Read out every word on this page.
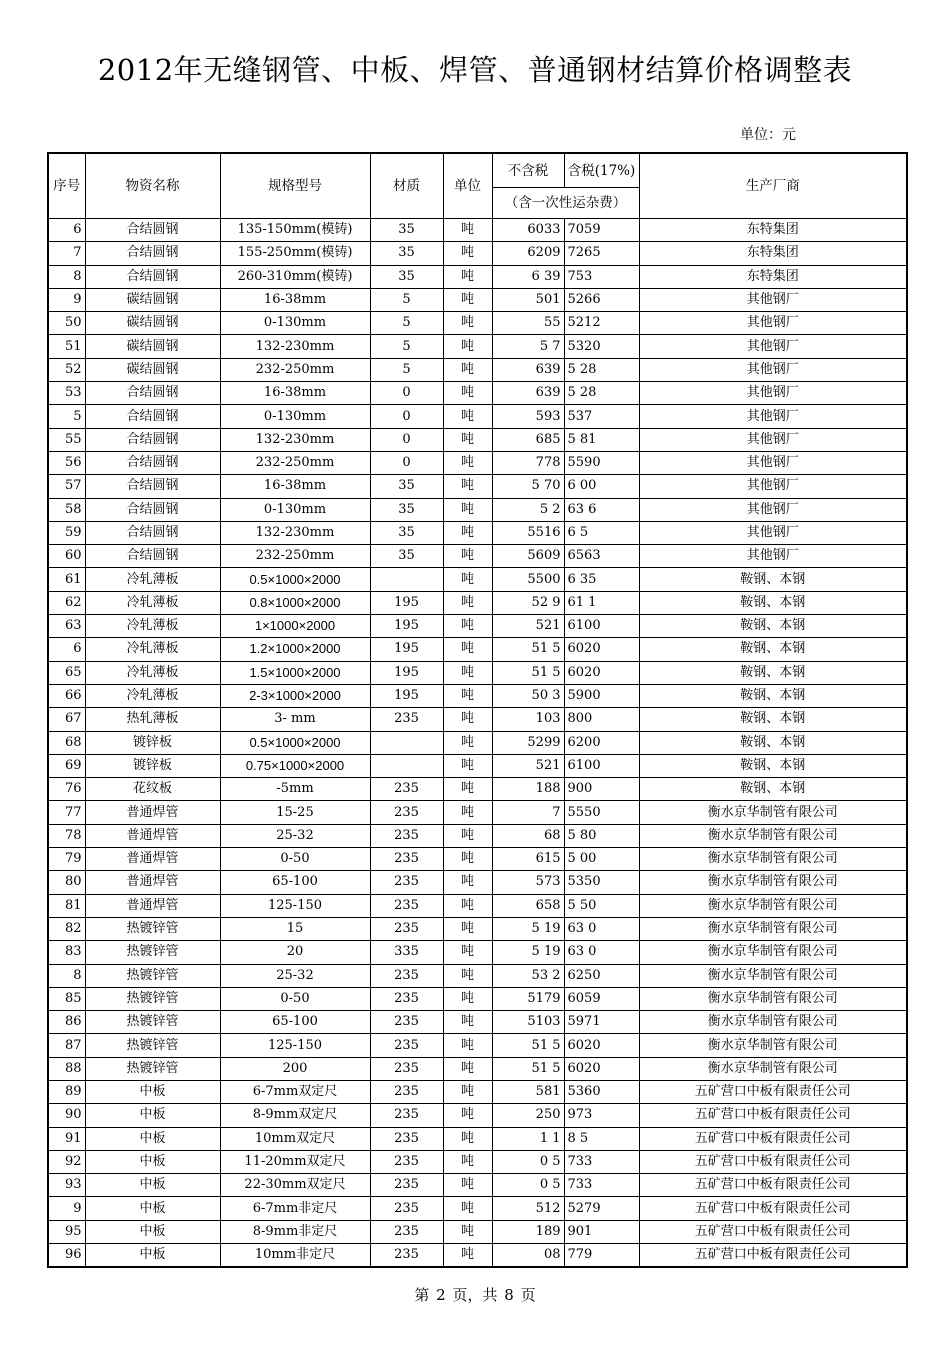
2012年无缝钢管、中板、焊管、普通钢材结算价格调整表
单位：元
序号	物资名称	规格型号	材质	单位	不含税	含税(17%)	生产厂商
					（含一次性运杂费）		
6	合结圆钢	135-150mm(模铸)	35	吨	6033	7059	东特集团
7	合结圆钢	155-250mm(模铸)	35	吨	6209	7265	东特集团
8	合结圆钢	260-310mm(模铸)	35	吨	6 39	753	东特集团
9	碳结圆钢	16-38mm	5	吨	501	5266	其他钢厂
50	碳结圆钢	0-130mm	5	吨	55	5212	其他钢厂
51	碳结圆钢	132-230mm	5	吨	5 7	5320	其他钢厂
52	碳结圆钢	232-250mm	5	吨	639	5 28	其他钢厂
53	合结圆钢	16-38mm	0	吨	639	5 28	其他钢厂
5	合结圆钢	0-130mm	0	吨	593	537	其他钢厂
55	合结圆钢	132-230mm	0	吨	685	5 81	其他钢厂
56	合结圆钢	232-250mm	0	吨	778	5590	其他钢厂
57	合结圆钢	16-38mm	35	吨	5 70	6 00	其他钢厂
58	合结圆钢	0-130mm	35	吨	5 2	63 6	其他钢厂
59	合结圆钢	132-230mm	35	吨	5516	6 5	其他钢厂
60	合结圆钢	232-250mm	35	吨	5609	6563	其他钢厂
61	冷轧薄板	0.5×1000×2000		吨	5500	6 35	鞍钢、本钢
62	冷轧薄板	0.8×1000×2000	195	吨	52 9	61 1	鞍钢、本钢
63	冷轧薄板	1×1000×2000	195	吨	521	6100	鞍钢、本钢
6	冷轧薄板	1.2×1000×2000	195	吨	51 5	6020	鞍钢、本钢
65	冷轧薄板	1.5×1000×2000	195	吨	51 5	6020	鞍钢、本钢
66	冷轧薄板	2-3×1000×2000	195	吨	50 3	5900	鞍钢、本钢
67	热轧薄板	3- mm	235	吨	103	800	鞍钢、本钢
68	镀锌板	0.5×1000×2000		吨	5299	6200	鞍钢、本钢
69	镀锌板	0.75×1000×2000		吨	521	6100	鞍钢、本钢
76	花纹板	-5mm	235	吨	188	900	鞍钢、本钢
77	普通焊管	15-25	235	吨	7	5550	衡水京华制管有限公司
78	普通焊管	25-32	235	吨	68	5 80	衡水京华制管有限公司
79	普通焊管	0-50	235	吨	615	5 00	衡水京华制管有限公司
80	普通焊管	65-100	235	吨	573	5350	衡水京华制管有限公司
81	普通焊管	125-150	235	吨	658	5 50	衡水京华制管有限公司
82	热镀锌管	15	235	吨	5 19	63 0	衡水京华制管有限公司
83	热镀锌管	20	335	吨	5 19	63 0	衡水京华制管有限公司
8	热镀锌管	25-32	235	吨	53 2	6250	衡水京华制管有限公司
85	热镀锌管	0-50	235	吨	5179	6059	衡水京华制管有限公司
86	热镀锌管	65-100	235	吨	5103	5971	衡水京华制管有限公司
87	热镀锌管	125-150	235	吨	51 5	6020	衡水京华制管有限公司
88	热镀锌管	200	235	吨	51 5	6020	衡水京华制管有限公司
89	中板	6-7mm双定尺	235	吨	581	5360	五矿营口中板有限责任公司
90	中板	8-9mm双定尺	235	吨	250	973	五矿营口中板有限责任公司
91	中板	10mm双定尺	235	吨	1 1	8 5	五矿营口中板有限责任公司
92	中板	11-20mm双定尺	235	吨	0 5	733	五矿营口中板有限责任公司
93	中板	22-30mm双定尺	235	吨	0 5	733	五矿营口中板有限责任公司
9	中板	6-7mm非定尺	235	吨	512	5279	五矿营口中板有限责任公司
95	中板	8-9mm非定尺	235	吨	189	901	五矿营口中板有限责任公司
96	中板	10mm非定尺	235	吨	08	779	五矿营口中板有限责任公司
第 2 页，共 8 页
